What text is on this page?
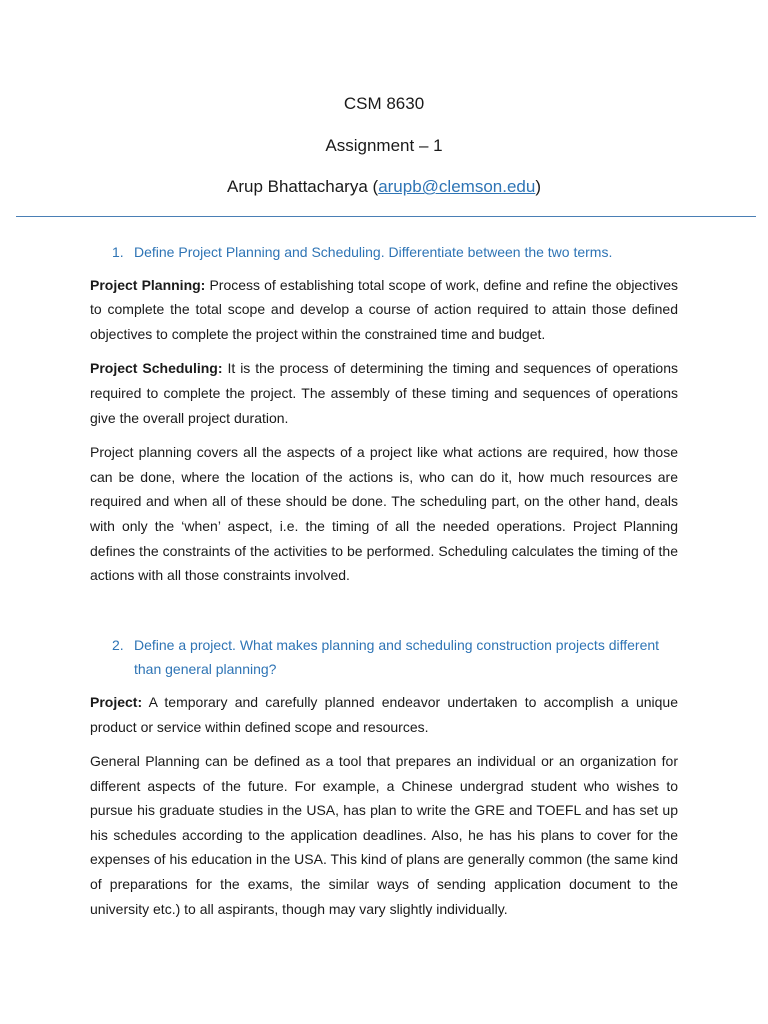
CSM 8630
Assignment – 1
Arup Bhattacharya (arupb@clemson.edu)
1. Define Project Planning and Scheduling. Differentiate between the two terms.

Project Planning: Process of establishing total scope of work, define and refine the objectives to complete the total scope and develop a course of action required to attain those defined objectives to complete the project within the constrained time and budget.

Project Scheduling: It is the process of determining the timing and sequences of operations required to complete the project. The assembly of these timing and sequences of operations give the overall project duration.

Project planning covers all the aspects of a project like what actions are required, how those can be done, where the location of the actions is, who can do it, how much resources are required and when all of these should be done. The scheduling part, on the other hand, deals with only the ‘when’ aspect, i.e. the timing of all the needed operations. Project Planning defines the constraints of the activities to be performed. Scheduling calculates the timing of the actions with all those constraints involved.

2. Define a project. What makes planning and scheduling construction projects different than general planning?

Project: A temporary and carefully planned endeavor undertaken to accomplish a unique product or service within defined scope and resources.

General Planning can be defined as a tool that prepares an individual or an organization for different aspects of the future. For example, a Chinese undergrad student who wishes to pursue his graduate studies in the USA, has plan to write the GRE and TOEFL and has set up his schedules according to the application deadlines. Also, he has his plans to cover for the expenses of his education in the USA. This kind of plans are generally common (the same kind of preparations for the exams, the similar ways of sending application document to the university etc.) to all aspirants, though may vary slightly individually.
